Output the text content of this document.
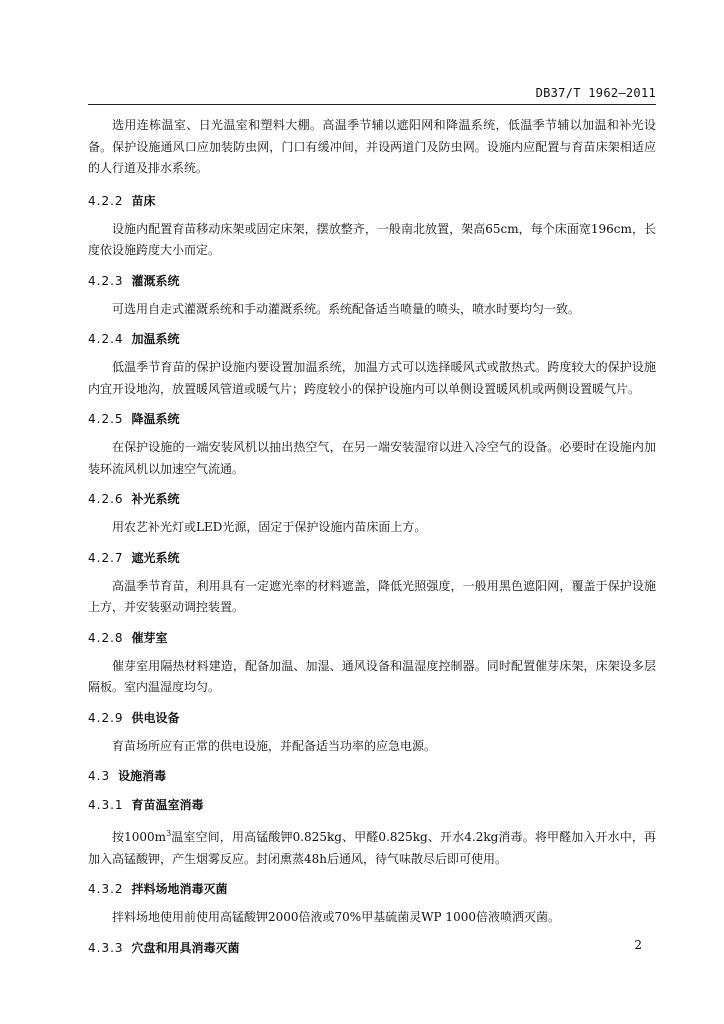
DB37/T 1962—2011

选用连栋温室、日光温室和塑料大棚。高温季节辅以遮阳网和降温系统，低温季节辅以加温和补光设备。保护设施通风口应加装防虫网，门口有缓冲间，并设两道门及防虫网。设施内应配置与育苗床架相适应的人行道及排水系统。

4.2.2 苗床

设施内配置育苗移动床架或固定床架，摆放整齐，一般南北放置，架高65cm，每个床面宽196cm，长度依设施跨度大小而定。

4.2.3 灌溉系统

可选用自走式灌溉系统和手动灌溉系统。系统配备适当喷量的喷头，喷水时要均匀一致。

4.2.4 加温系统

低温季节育苗的保护设施内要设置加温系统，加温方式可以选择暖风式或散热式。跨度较大的保护设施内宜开设地沟，放置暖风管道或暖气片；跨度较小的保护设施内可以单侧设置暖风机或两侧设置暖气片。

4.2.5 降温系统

在保护设施的一端安装风机以抽出热空气，在另一端安装湿帘以进入冷空气的设备。必要时在设施内加装环流风机以加速空气流通。

4.2.6 补光系统

用农艺补光灯或LED光源，固定于保护设施内苗床面上方。

4.2.7 遮光系统

高温季节育苗，利用具有一定遮光率的材料遮盖，降低光照强度，一般用黑色遮阳网，覆盖于保护设施上方，并安装驱动调控装置。

4.2.8 催芽室

催芽室用隔热材料建造，配备加温、加湿、通风设备和温湿度控制器。同时配置催芽床架，床架设多层隔板。室内温湿度均匀。

4.2.9 供电设备

育苗场所应有正常的供电设施，并配备适当功率的应急电源。

4.3 设施消毒

4.3.1 育苗温室消毒

按$1000m^3$温室空间，用高锰酸钾0.825kg、甲醛0.825kg、开水4.2kg消毒。将甲醛加入开水中，再加入高锰酸钾，产生烟雾反应。封闭熏蒸48h后通风，待气味散尽后即可使用。

4.3.2 拌料场地消毒灭菌

拌料场地使用前使用高锰酸钾2000倍液或70%甲基硫菌灵WP 1000倍液喷洒灭菌。

4.3.3 穴盘和用具消毒灭菌	2
